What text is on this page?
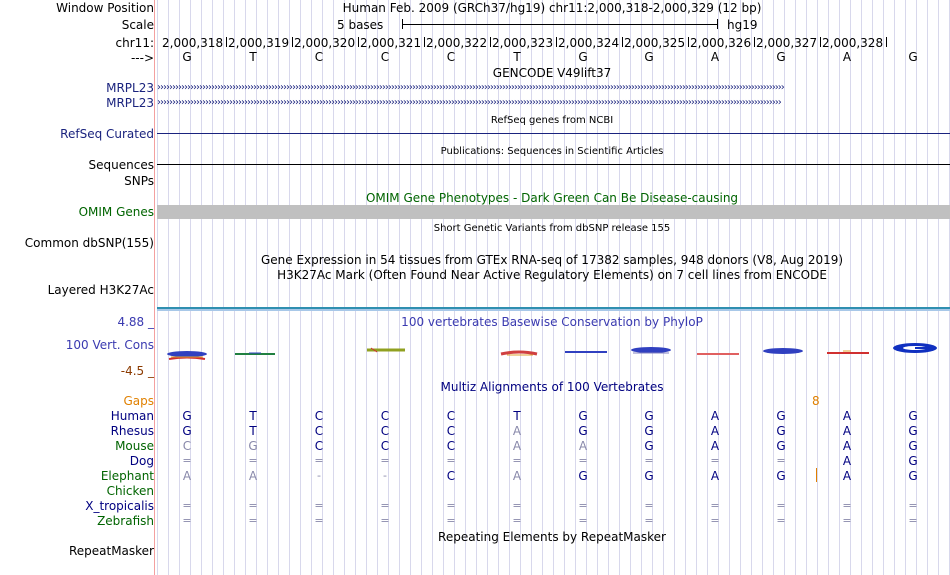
Window Position
Scale
chr11:
--->
Human Feb. 2009 (GRCh37/hg19) chr11:2,000,318-2,000,329 (12 bp)
5 bases	hg19
2,000,318 2,000,319 2,000,320 2,000,321 2,000,322 2,000,323 2,000,324 2,000,325 2,000,326 2,000,327 2,000,328
G	T	C	C	C	T	G	G	A	G	A	G
GENCODE V49lift37
MRPL23 ›››››››››››››››››››››››››››››››››››››››››››››››››››››››››››››››››››››››››››››››››››››››››››››››››››››››››››››››››››››››››››››››››››››››››››››››››››››››››››››››››››››››››››››››››››››››››››››››››››››››››››››››››
MRPL23 ››››››››››››››››››››››››››››››››››››››››››››››››››››››››››››››››››››››››››››››››››››››››››››››››››››››››››››››››››››››››››››››››››››››››››››››››››››››››››››››››››››››››››››››››››››››››››››››››››››››››››››››››
RefSeq genes from NCBI
RefSeq Curated
Publications: Sequences in Scientific Articles
Sequences
SNPs
OMIM Gene Phenotypes - Dark Green Can Be Disease-causing
OMIM Genes
Short Genetic Variants from dbSNP release 155
Common dbSNP(155)
Gene Expression in 54 tissues from GTEx RNA-seq of 17382 samples, 948 donors (V8, Aug 2019)
H3K27Ac Mark (Often Found Near Active Regulatory Elements) on 7 cell lines from ENCODE
Layered H3K27Ac
4.88 _	100 vertebrates Basewise Conservation by PhyloP
100 Vert. Cons
-4.5 _
Multiz Alignments of 100 Vertebrates
Gaps	8
Human	G	T	C	C	C	T	G	G	A	G	A	G
Rhesus	G	T	C	C	C	A	G	G	A	G	A	G
Mouse	C	G	C	C	C	A	A	G	A	G	A	G
Dog	=	=	=	=	=	=	=	=	=	=	A	G
Elephant	A	A	-	-	C	A	G	G	A	G	A	G
Chicken
X_tropicalis	=	=	=	=	=	=	=	=	=	=	=	=
Zebrafish	=	=	=	=	=	=	=	=	=	=	=	=
Repeating Elements by RepeatMasker
RepeatMasker
